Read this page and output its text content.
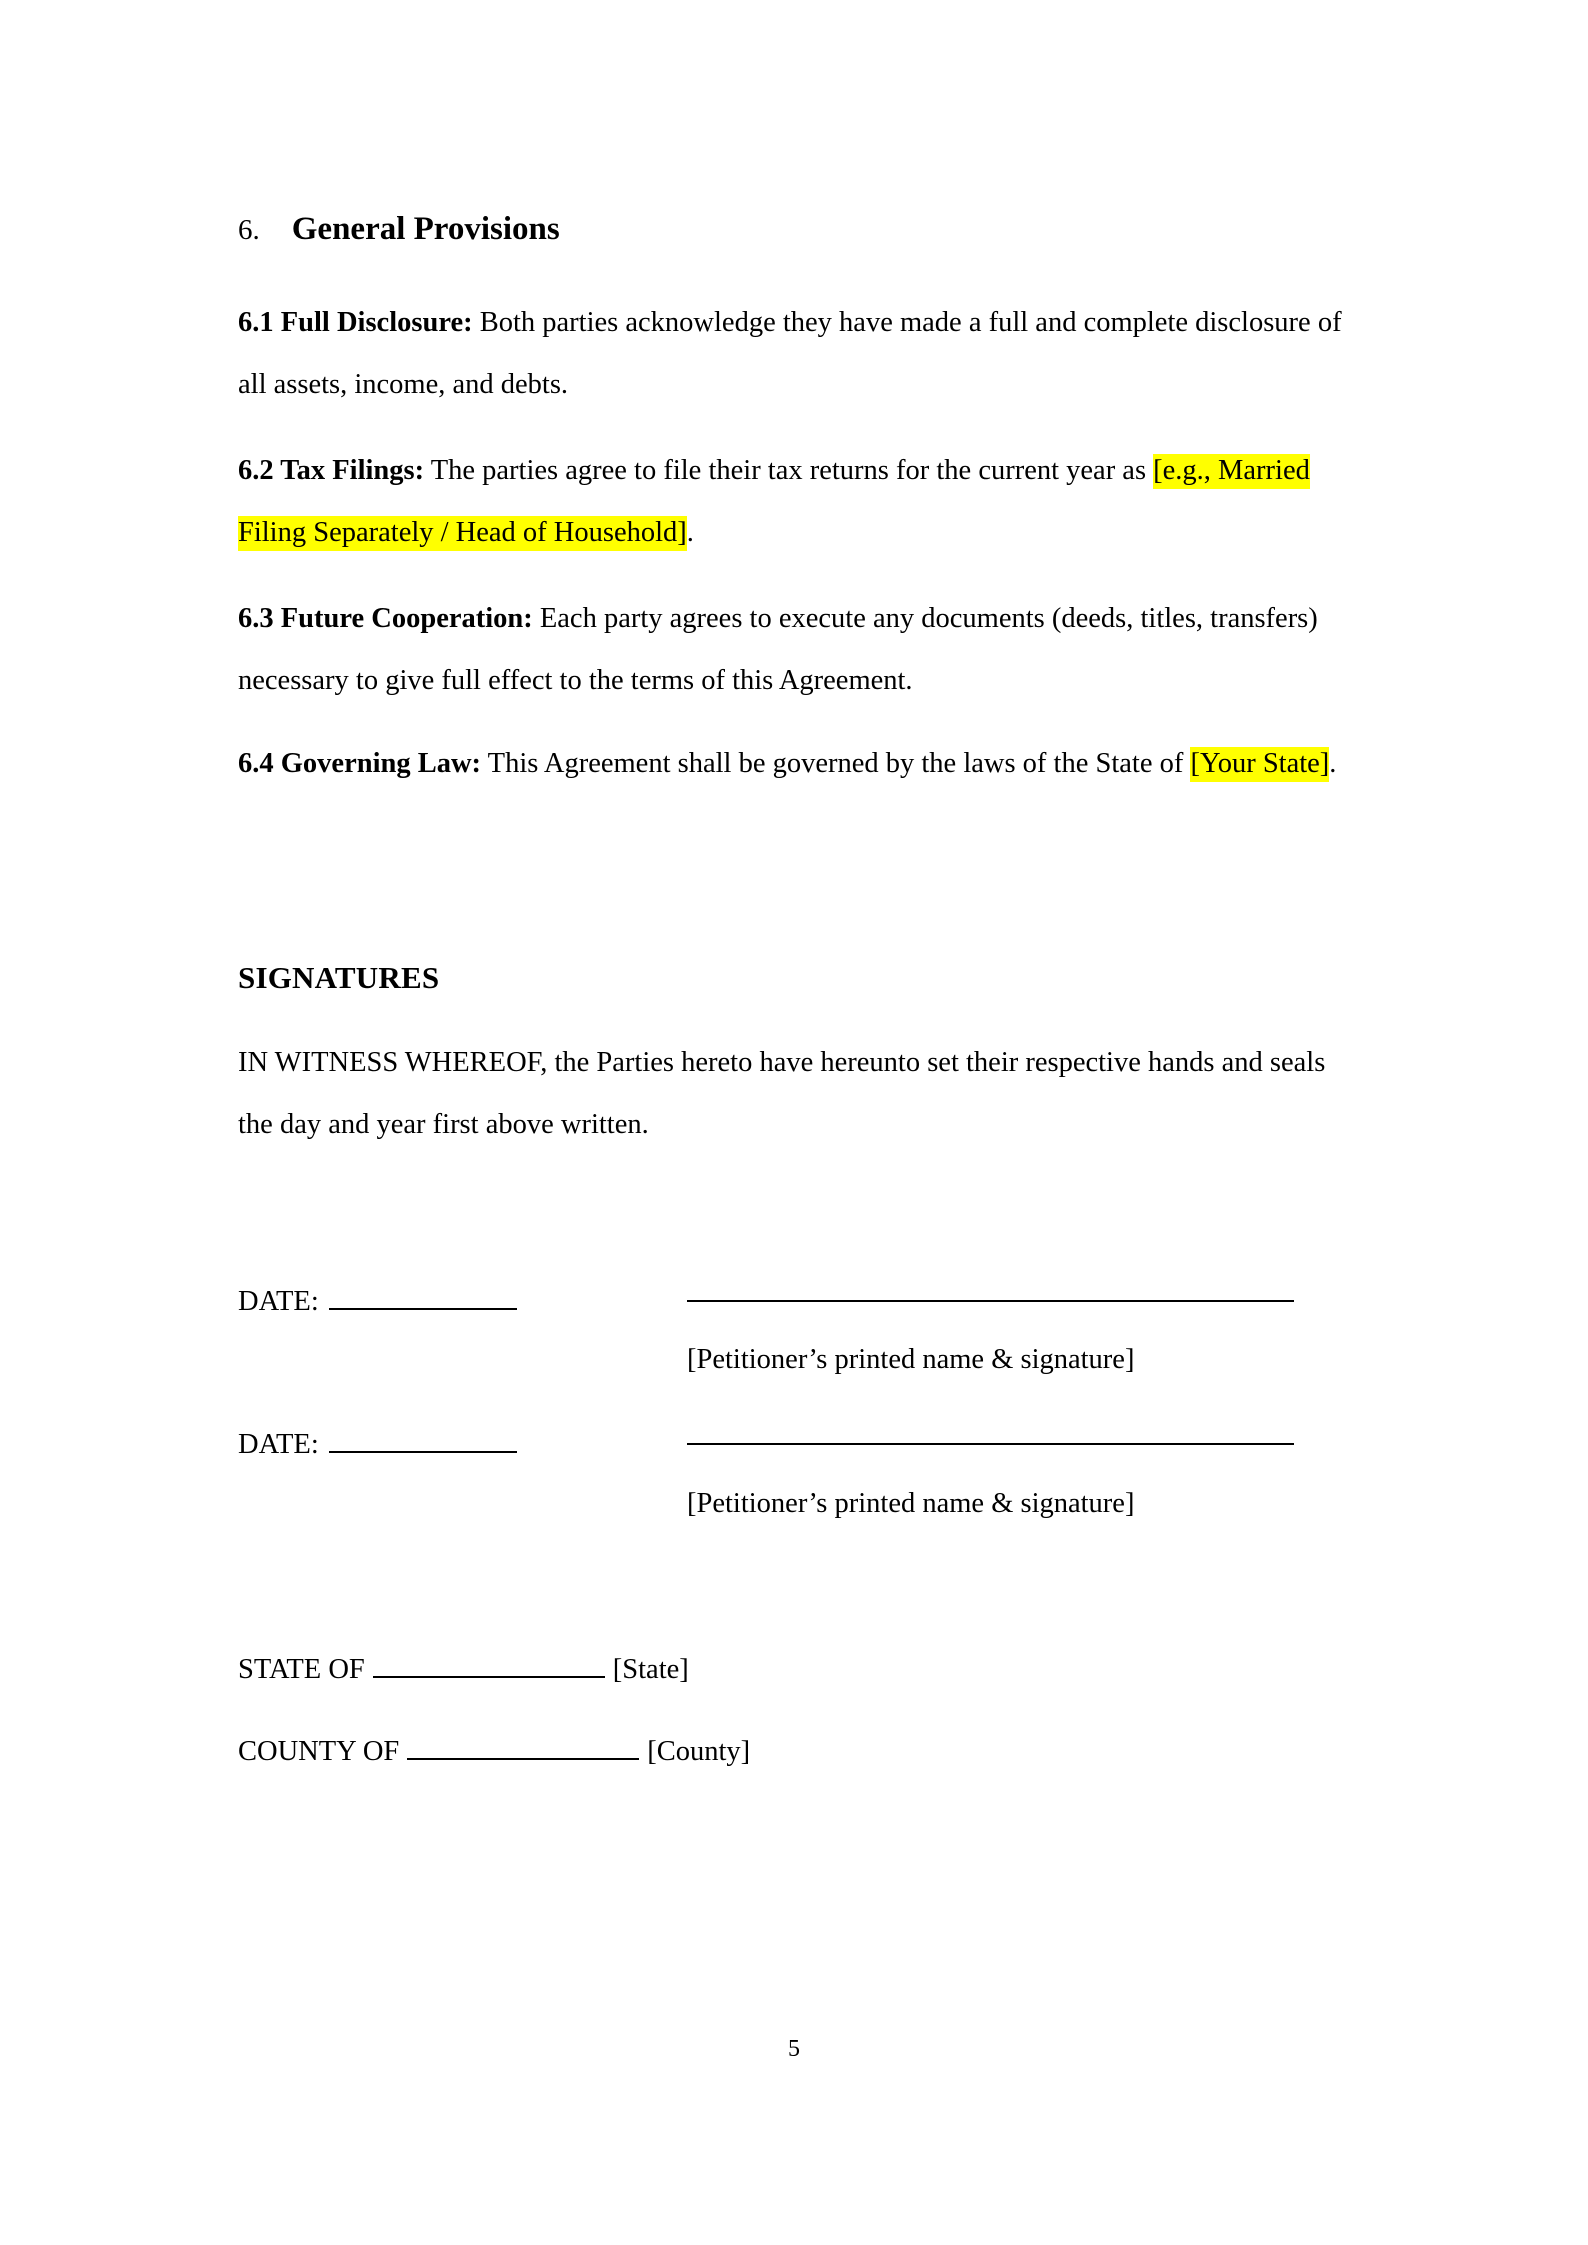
6. General Provisions

6.1 Full Disclosure: Both parties acknowledge they have made a full and complete disclosure of all assets, income, and debts.

6.2 Tax Filings: The parties agree to file their tax returns for the current year as [e.g., Married Filing Separately / Head of Household].

6.3 Future Cooperation: Each party agrees to execute any documents (deeds, titles, transfers) necessary to give full effect to the terms of this Agreement.

6.4 Governing Law: This Agreement shall be governed by the laws of the State of [Your State].

SIGNATURES

IN WITNESS WHEREOF, the Parties hereto have hereunto set their respective hands and seals the day and year first above written.

DATE:
[Petitioner’s printed name & signature]
DATE:
[Petitioner’s printed name & signature]
STATE OF	[State]
COUNTY OF	[County]
5
